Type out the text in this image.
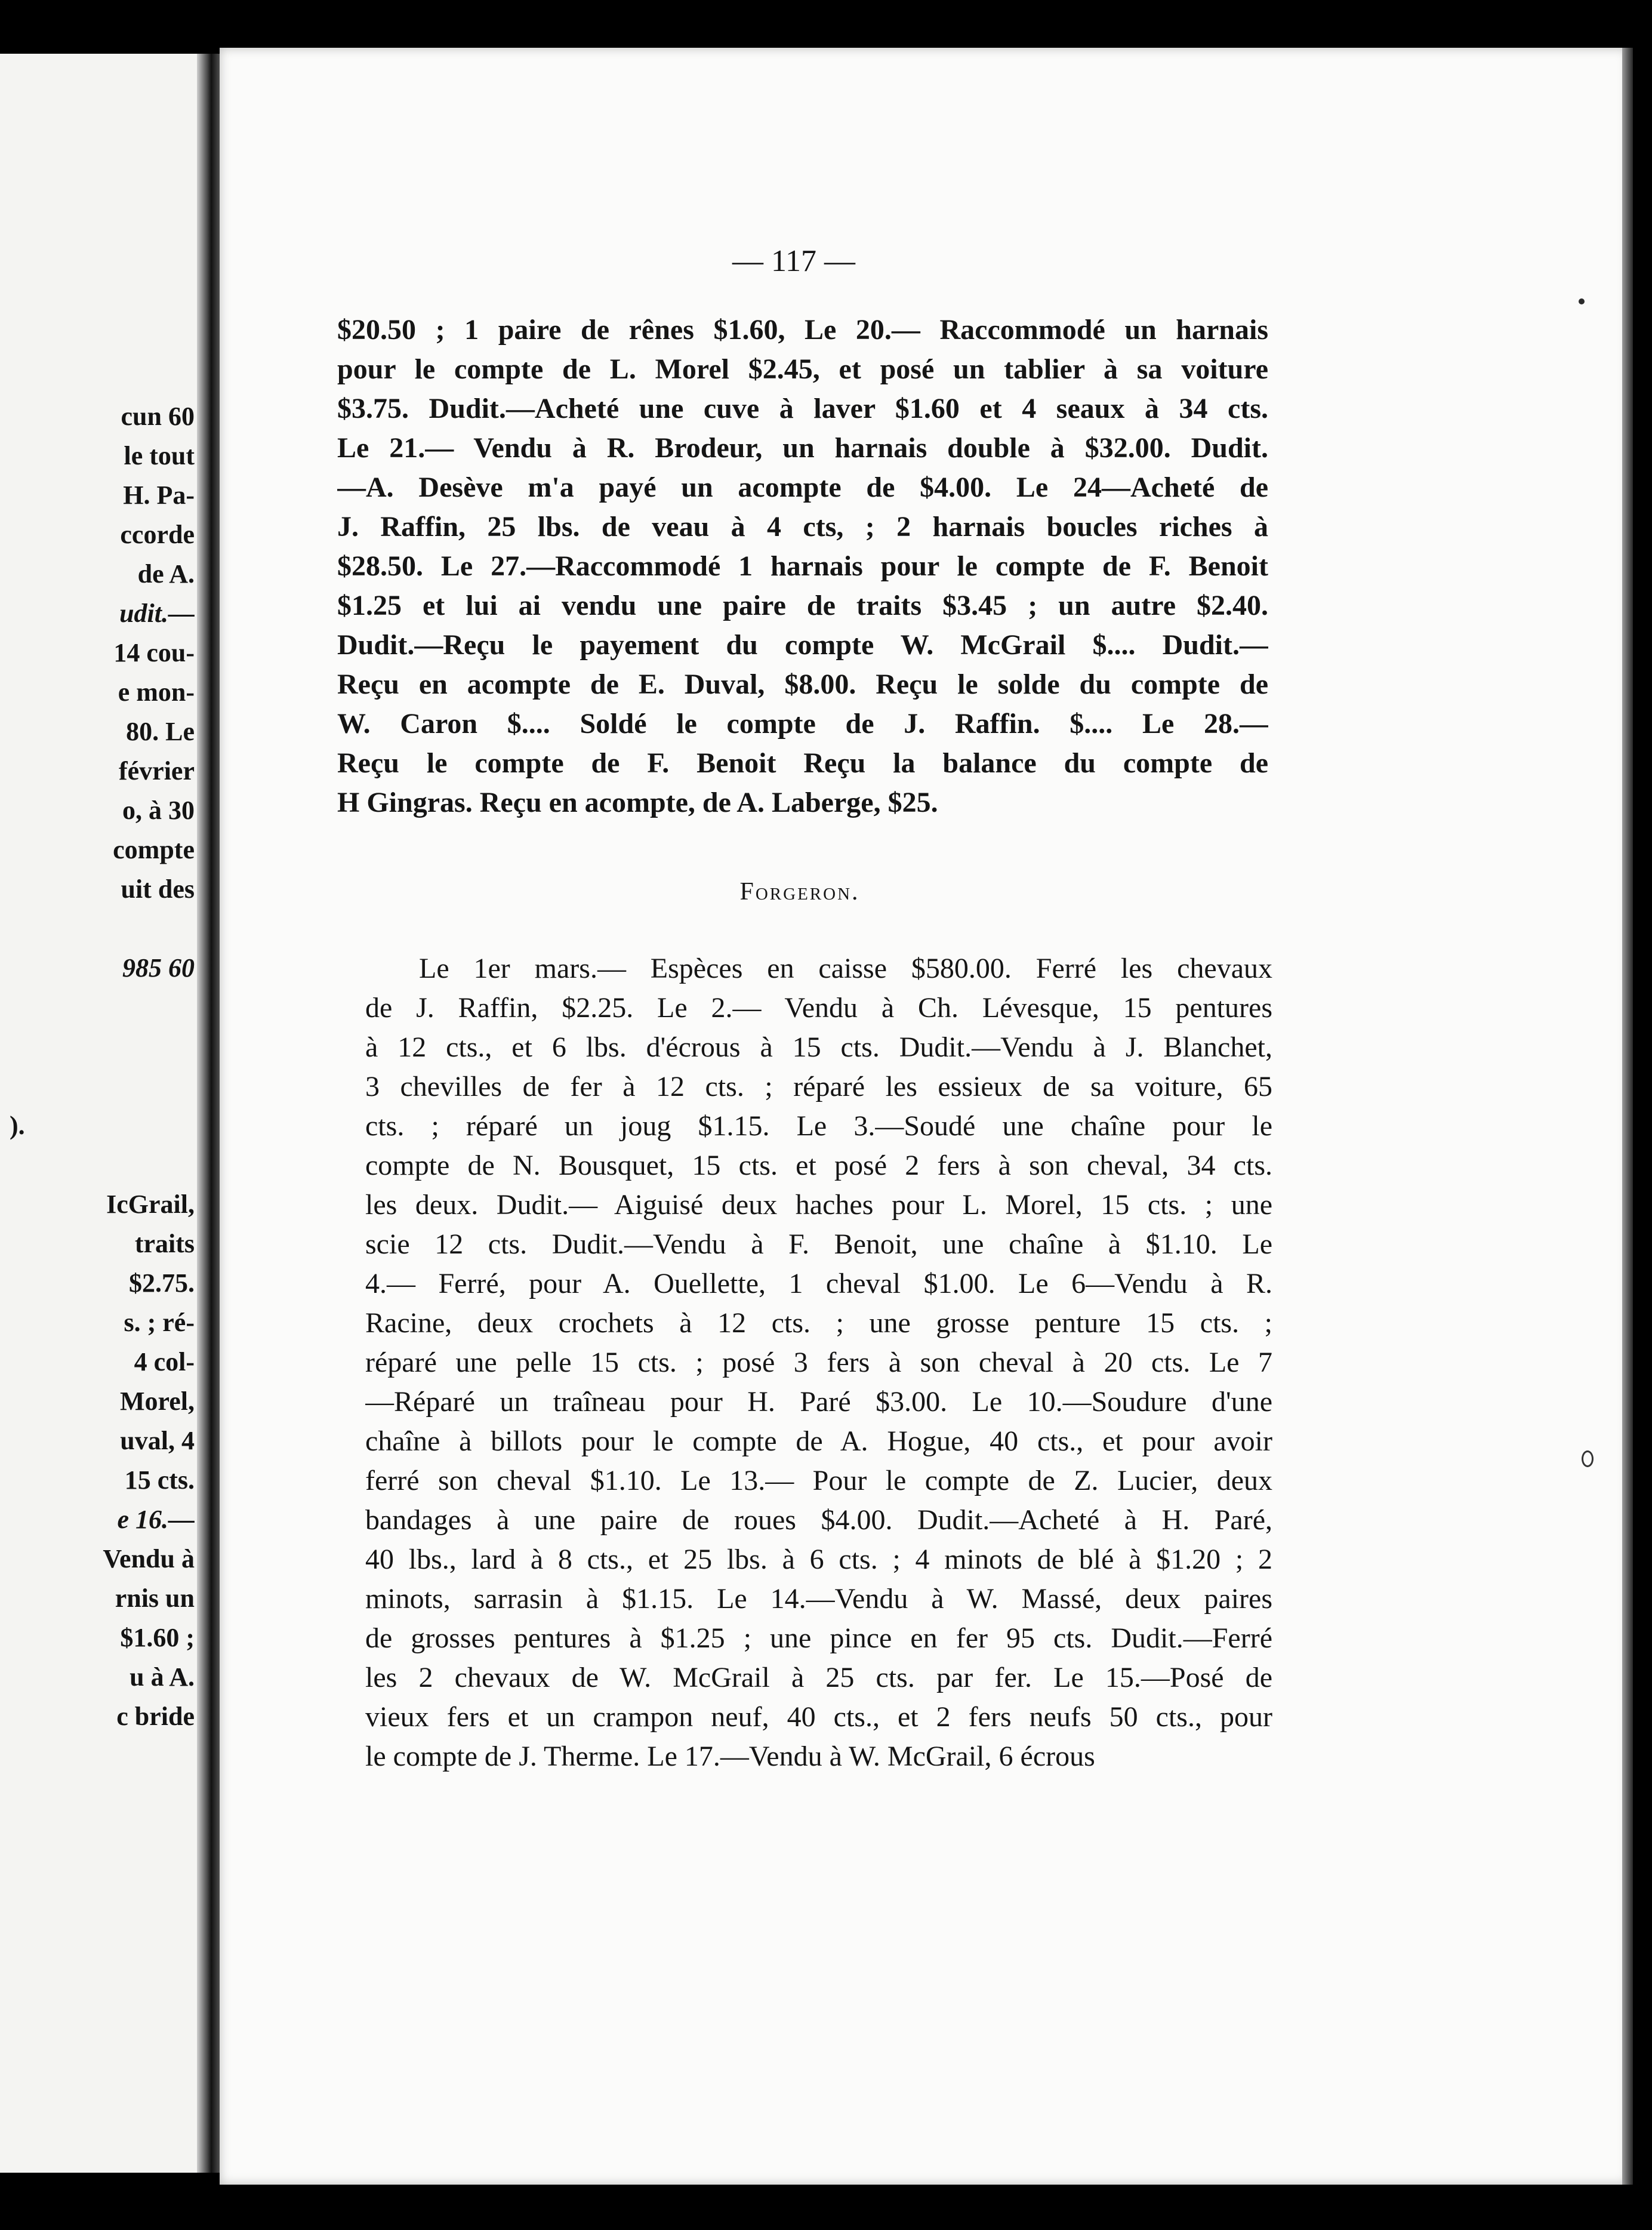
cun 60
le tout
H. Pa-
ccorde
de A.
udit.—
14 cou-
e mon-
80. Le
février
o, à 30
compte
uit des
985 60
).
IcGrail,
traits
$2.75.
s. ; ré-
4 col-
Morel,
uval, 4
15 cts.
e 16.—
Vendu à
rnis un
$1.60 ;
u à A.
c bride
— 117 —
$20.50 ; 1 paire de rênes $1.60, Le 20.— Raccommodé un harnais
pour le compte de L. Morel $2.45, et posé un tablier à sa voiture
$3.75. Dudit.—Acheté une cuve à laver $1.60 et 4 seaux à 34 cts.
Le 21.— Vendu à R. Brodeur, un harnais double à $32.00. Dudit.
—A. Desève m'a payé un acompte de $4.00. Le 24—Acheté de
J. Raffin, 25 lbs. de veau à 4 cts, ; 2 harnais boucles riches à
$28.50. Le 27.—Raccommodé 1 harnais pour le compte de F. Benoit
$1.25 et lui ai vendu une paire de traits $3.45 ; un autre $2.40.
Dudit.—Reçu le payement du compte W. McGrail $.... Dudit.—
Reçu en acompte de E. Duval, $8.00. Reçu le solde du compte de
W. Caron $.... Soldé le compte de J. Raffin. $.... Le 28.—
Reçu le compte de F. Benoit Reçu la balance du compte de
H Gingras. Reçu en acompte, de A. Laberge, $25.
Forgeron.
Le 1er mars.— Espèces en caisse $580.00. Ferré les chevaux
de J. Raffin, $2.25. Le 2.— Vendu à Ch. Lévesque, 15 pentures
à 12 cts., et 6 lbs. d'écrous à 15 cts. Dudit.—Vendu à J. Blanchet,
3 chevilles de fer à 12 cts. ; réparé les essieux de sa voiture, 65
cts. ; réparé un joug $1.15. Le 3.—Soudé une chaîne pour le
compte de N. Bousquet, 15 cts. et posé 2 fers à son cheval, 34 cts.
les deux. Dudit.— Aiguisé deux haches pour L. Morel, 15 cts. ; une
scie 12 cts. Dudit.—Vendu à F. Benoit, une chaîne à $1.10. Le
4.— Ferré, pour A. Ouellette, 1 cheval $1.00. Le 6—Vendu à R.
Racine, deux crochets à 12 cts. ; une grosse penture 15 cts. ;
réparé une pelle 15 cts. ; posé 3 fers à son cheval à 20 cts. Le 7
—Réparé un traîneau pour H. Paré $3.00. Le 10.—Soudure d'une
chaîne à billots pour le compte de A. Hogue, 40 cts., et pour avoir
ferré son cheval $1.10. Le 13.— Pour le compte de Z. Lucier, deux
bandages à une paire de roues $4.00. Dudit.—Acheté à H. Paré,
40 lbs., lard à 8 cts., et 25 lbs. à 6 cts. ; 4 minots de blé à $1.20 ; 2
minots, sarrasin à $1.15. Le 14.—Vendu à W. Massé, deux paires
de grosses pentures à $1.25 ; une pince en fer 95 cts. Dudit.—Ferré
les 2 chevaux de W. McGrail à 25 cts. par fer. Le 15.—Posé de
vieux fers et un crampon neuf, 40 cts., et 2 fers neufs 50 cts., pour
le compte de J. Therme. Le 17.—Vendu à W. McGrail, 6 écrous
